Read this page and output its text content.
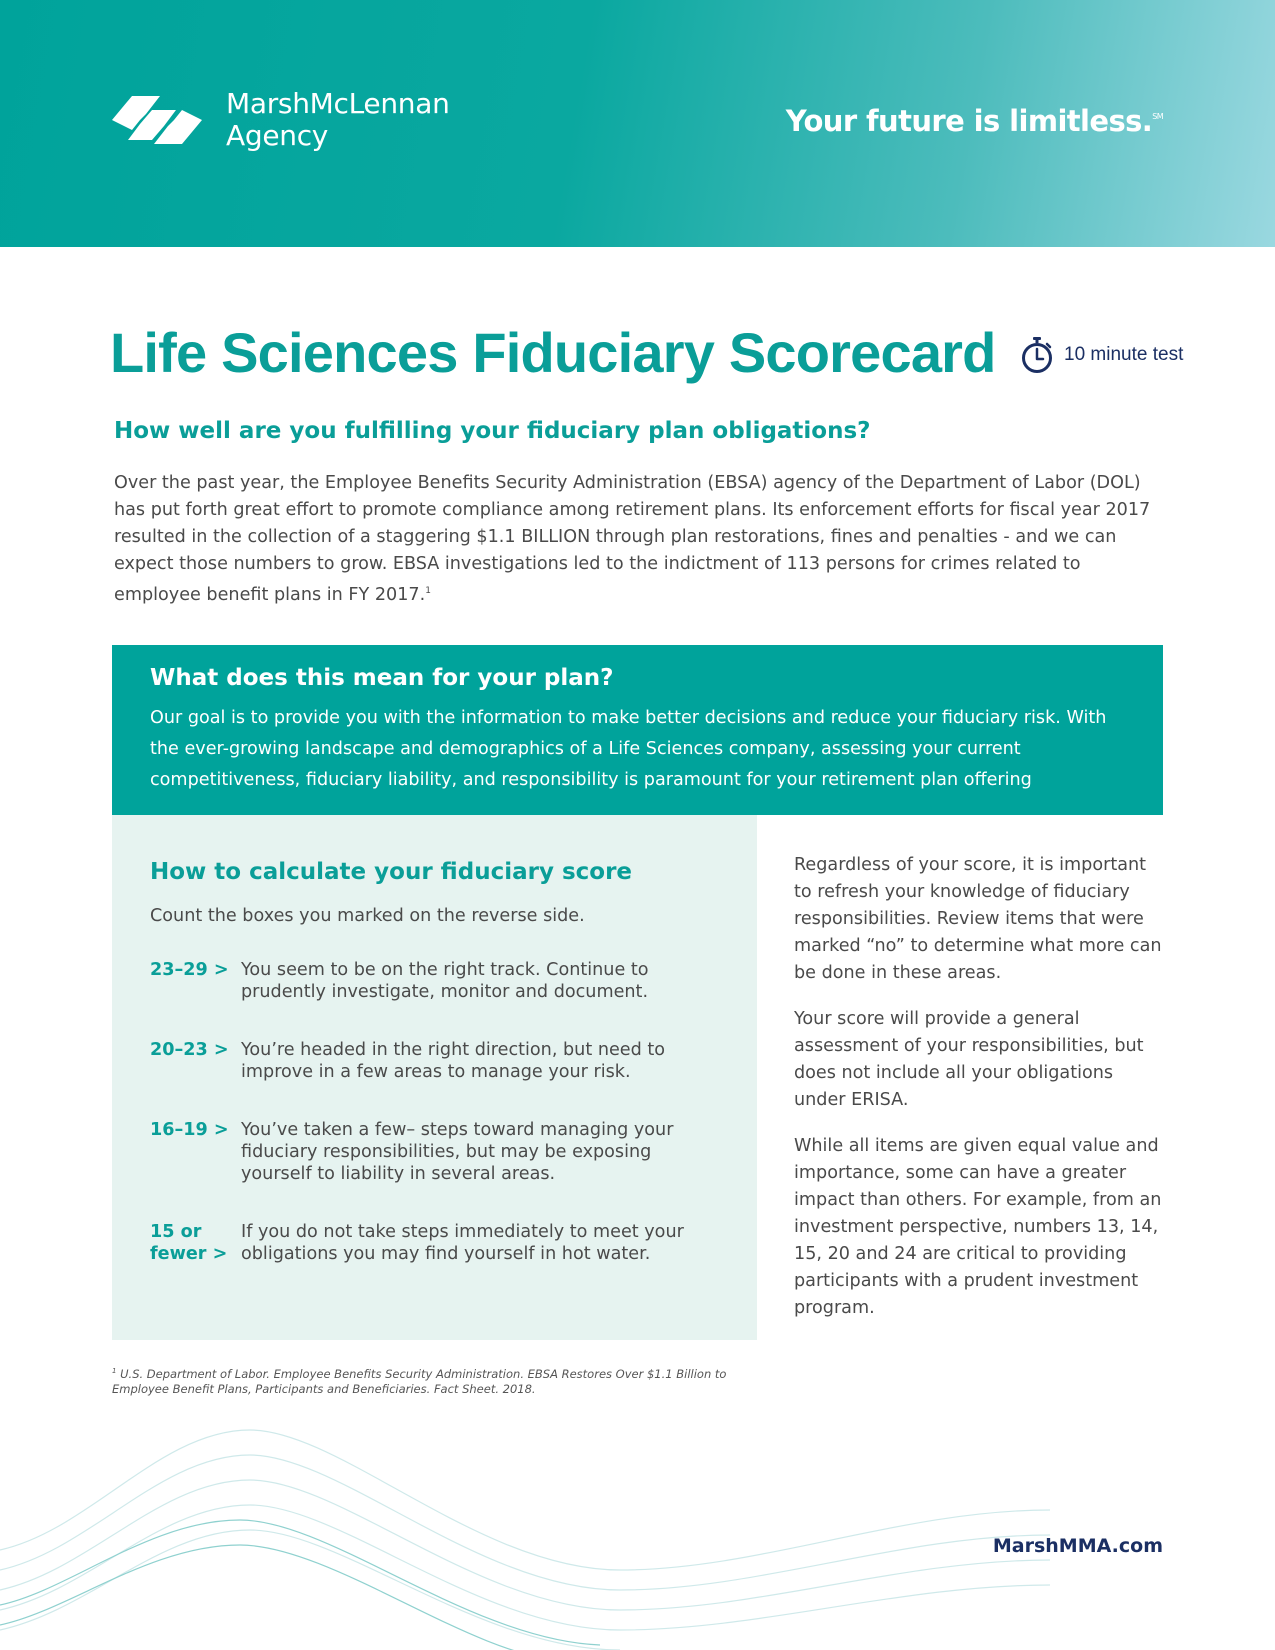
MarshMcLennan
Agency	Your future is limitless.℠
Life Sciences Fiduciary Scorecard	10 minute test
How well are you fulfilling your fiduciary plan obligations?

Over the past year, the Employee Benefits Security Administration (EBSA) agency of the Department of Labor (DOL) has put forth great effort to promote compliance among retirement plans. Its enforcement efforts for fiscal year 2017 resulted in the collection of a staggering $1.1 BILLION through plan restorations, fines and penalties - and we can expect those numbers to grow. EBSA investigations led to the indictment of 113 persons for crimes related to employee benefit plans in FY 2017.$^1$

What does this mean for your plan?

Our goal is to provide you with the information to make better decisions and reduce your fiduciary risk. With the ever-growing landscape and demographics of a Life Sciences company, assessing your current competitiveness, fiduciary liability, and responsibility is paramount for your retirement plan offering

How to calculate your fiduciary score

Count the boxes you marked on the reverse side.

23–29 > You seem to be on the right track. Continue to prudently investigate, monitor and document.
20–23 > You’re headed in the right direction, but need to improve in a few areas to manage your risk.
16–19 > You’ve taken a few– steps toward managing your fiduciary responsibilities, but may be exposing yourself to liability in several areas.
15 or fewer >
If you do not take steps immediately to meet your obligations you may find yourself in hot water.

Regardless of your score, it is important to refresh your knowledge of fiduciary responsibilities. Review items that were marked “no” to determine what more can be done in these areas.

Your score will provide a general assessment of your responsibilities, but does not include all your obligations under ERISA.

While all items are given equal value and importance, some can have a greater impact than others. For example, from an investment perspective, numbers 13, 14, 15, 20 and 24 are critical to providing participants with a prudent investment program.

$^1$ U.S. Department of Labor. Employee Benefits Security Administration. EBSA Restores Over $1.1 Billion to Employee Benefit Plans, Participants and Beneficiaries. Fact Sheet. 2018.

MarshMMA.com
